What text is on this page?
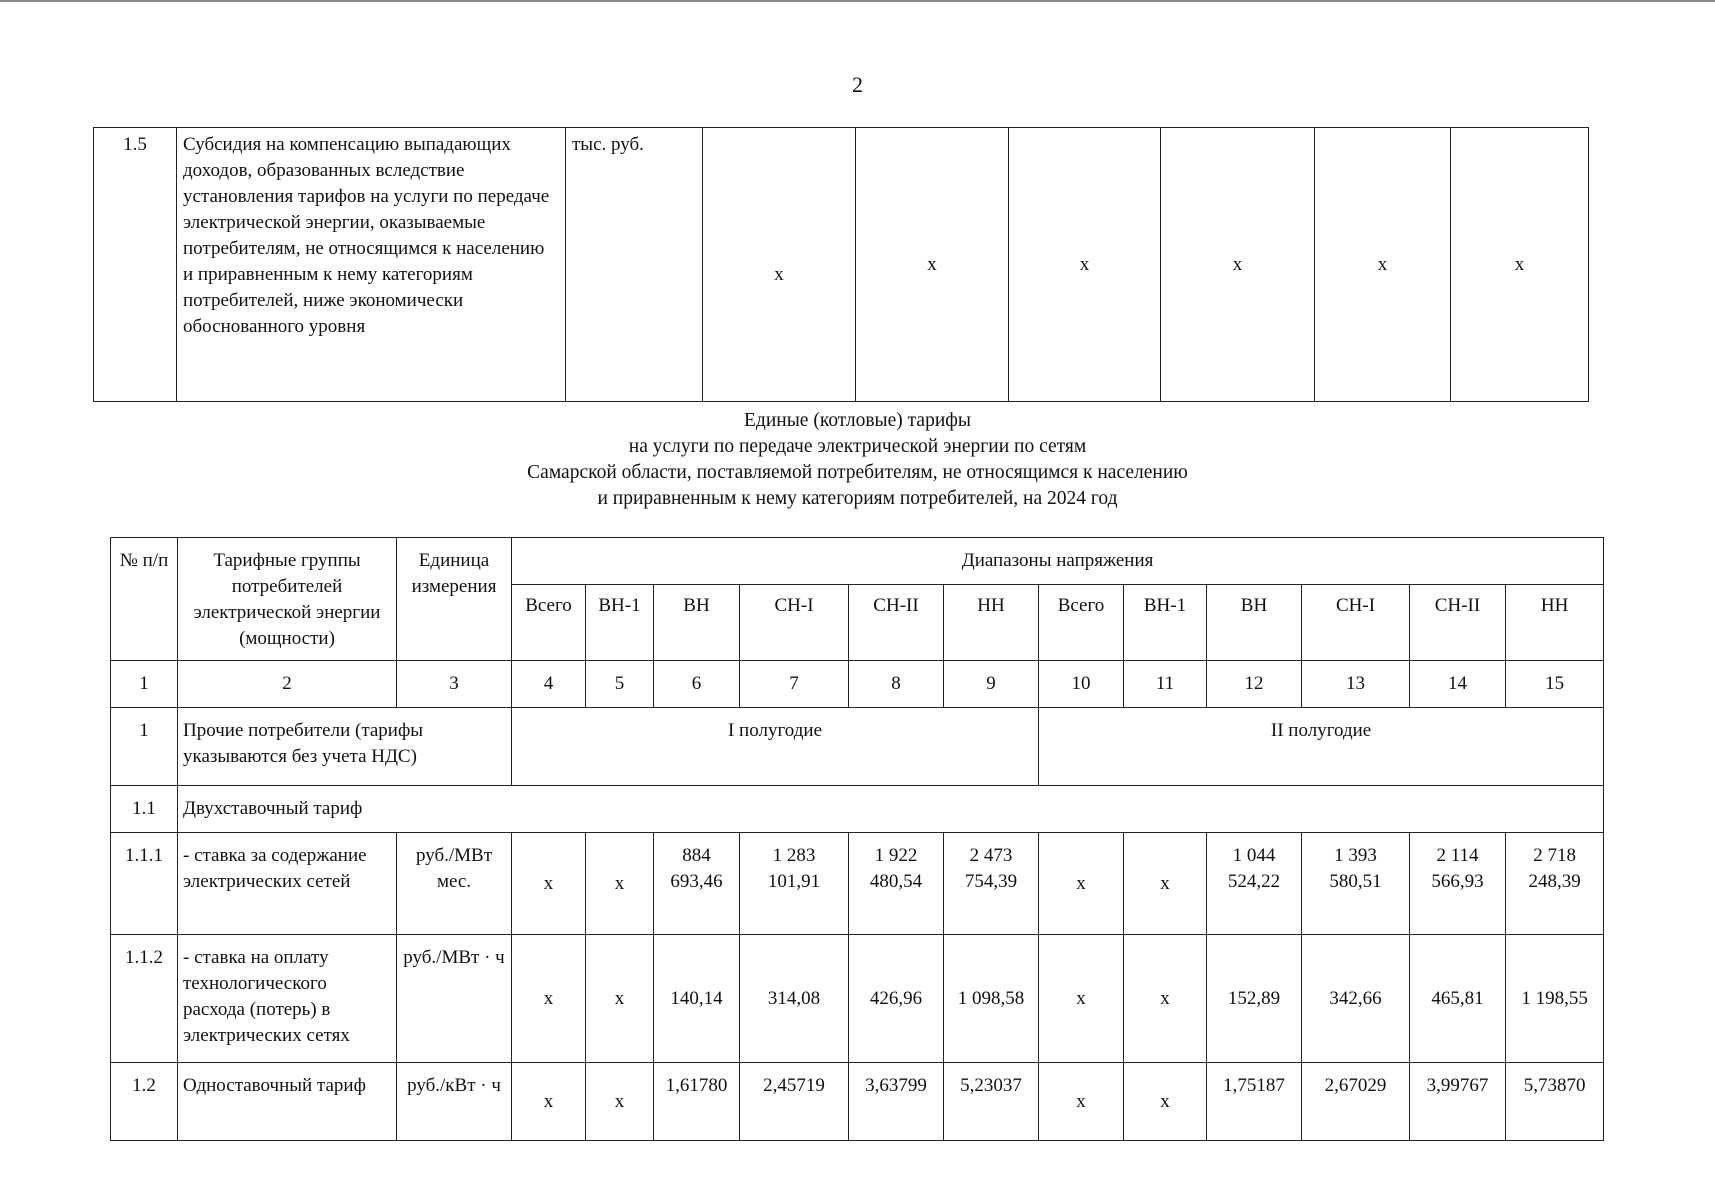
2
1.5	Субсидия на компенсацию выпадающих доходов, образованных вследствие установления тарифов на услуги по передаче электрической энергии, оказываемые потребителям, не относящимся к населению и приравненным к нему категориям потребителей, ниже экономически обоснованного уровня	тыс. руб.	x	x	x	x	x	x
Единые (котловые) тарифы
на услуги по передаче электрической энергии по сетям
Самарской области, поставляемой потребителям, не относящимся к населению
и приравненным к нему категориям потребителей, на 2024 год
№ п/п	Тарифные группы потребителей электрической энергии (мощности)	Единица измерения	Диапазоны напряжения											
			Всего	ВН-1	ВН	СН-I	СН-II	НН	Всего	ВН-1	ВН	СН-I	СН-II	НН
1	2	3	4	5	6	7	8	9	10	11	12	13	14	15
1	Прочие потребители (тарифы указываются без учета НДС)		I полугодие						II полугодие					
1.1	Двухставочный тариф													
1.1.1	- ставка за содержание электрических сетей	руб./МВт мес.	x	x	884 693,46	1 283 101,91	1 922 480,54	2 473 754,39	x	x	1 044 524,22	1 393 580,51	2 114 566,93	2 718 248,39
1.1.2	- ставка на оплату технологического расхода (потерь) в электрических сетях	руб./МВт · ч	x	x	140,14	314,08	426,96	1 098,58	x	x	152,89	342,66	465,81	1 198,55
1.2	Одноставочный тариф	руб./кВт · ч	x	x	1,61780	2,45719	3,63799	5,23037	x	x	1,75187	2,67029	3,99767	5,73870
